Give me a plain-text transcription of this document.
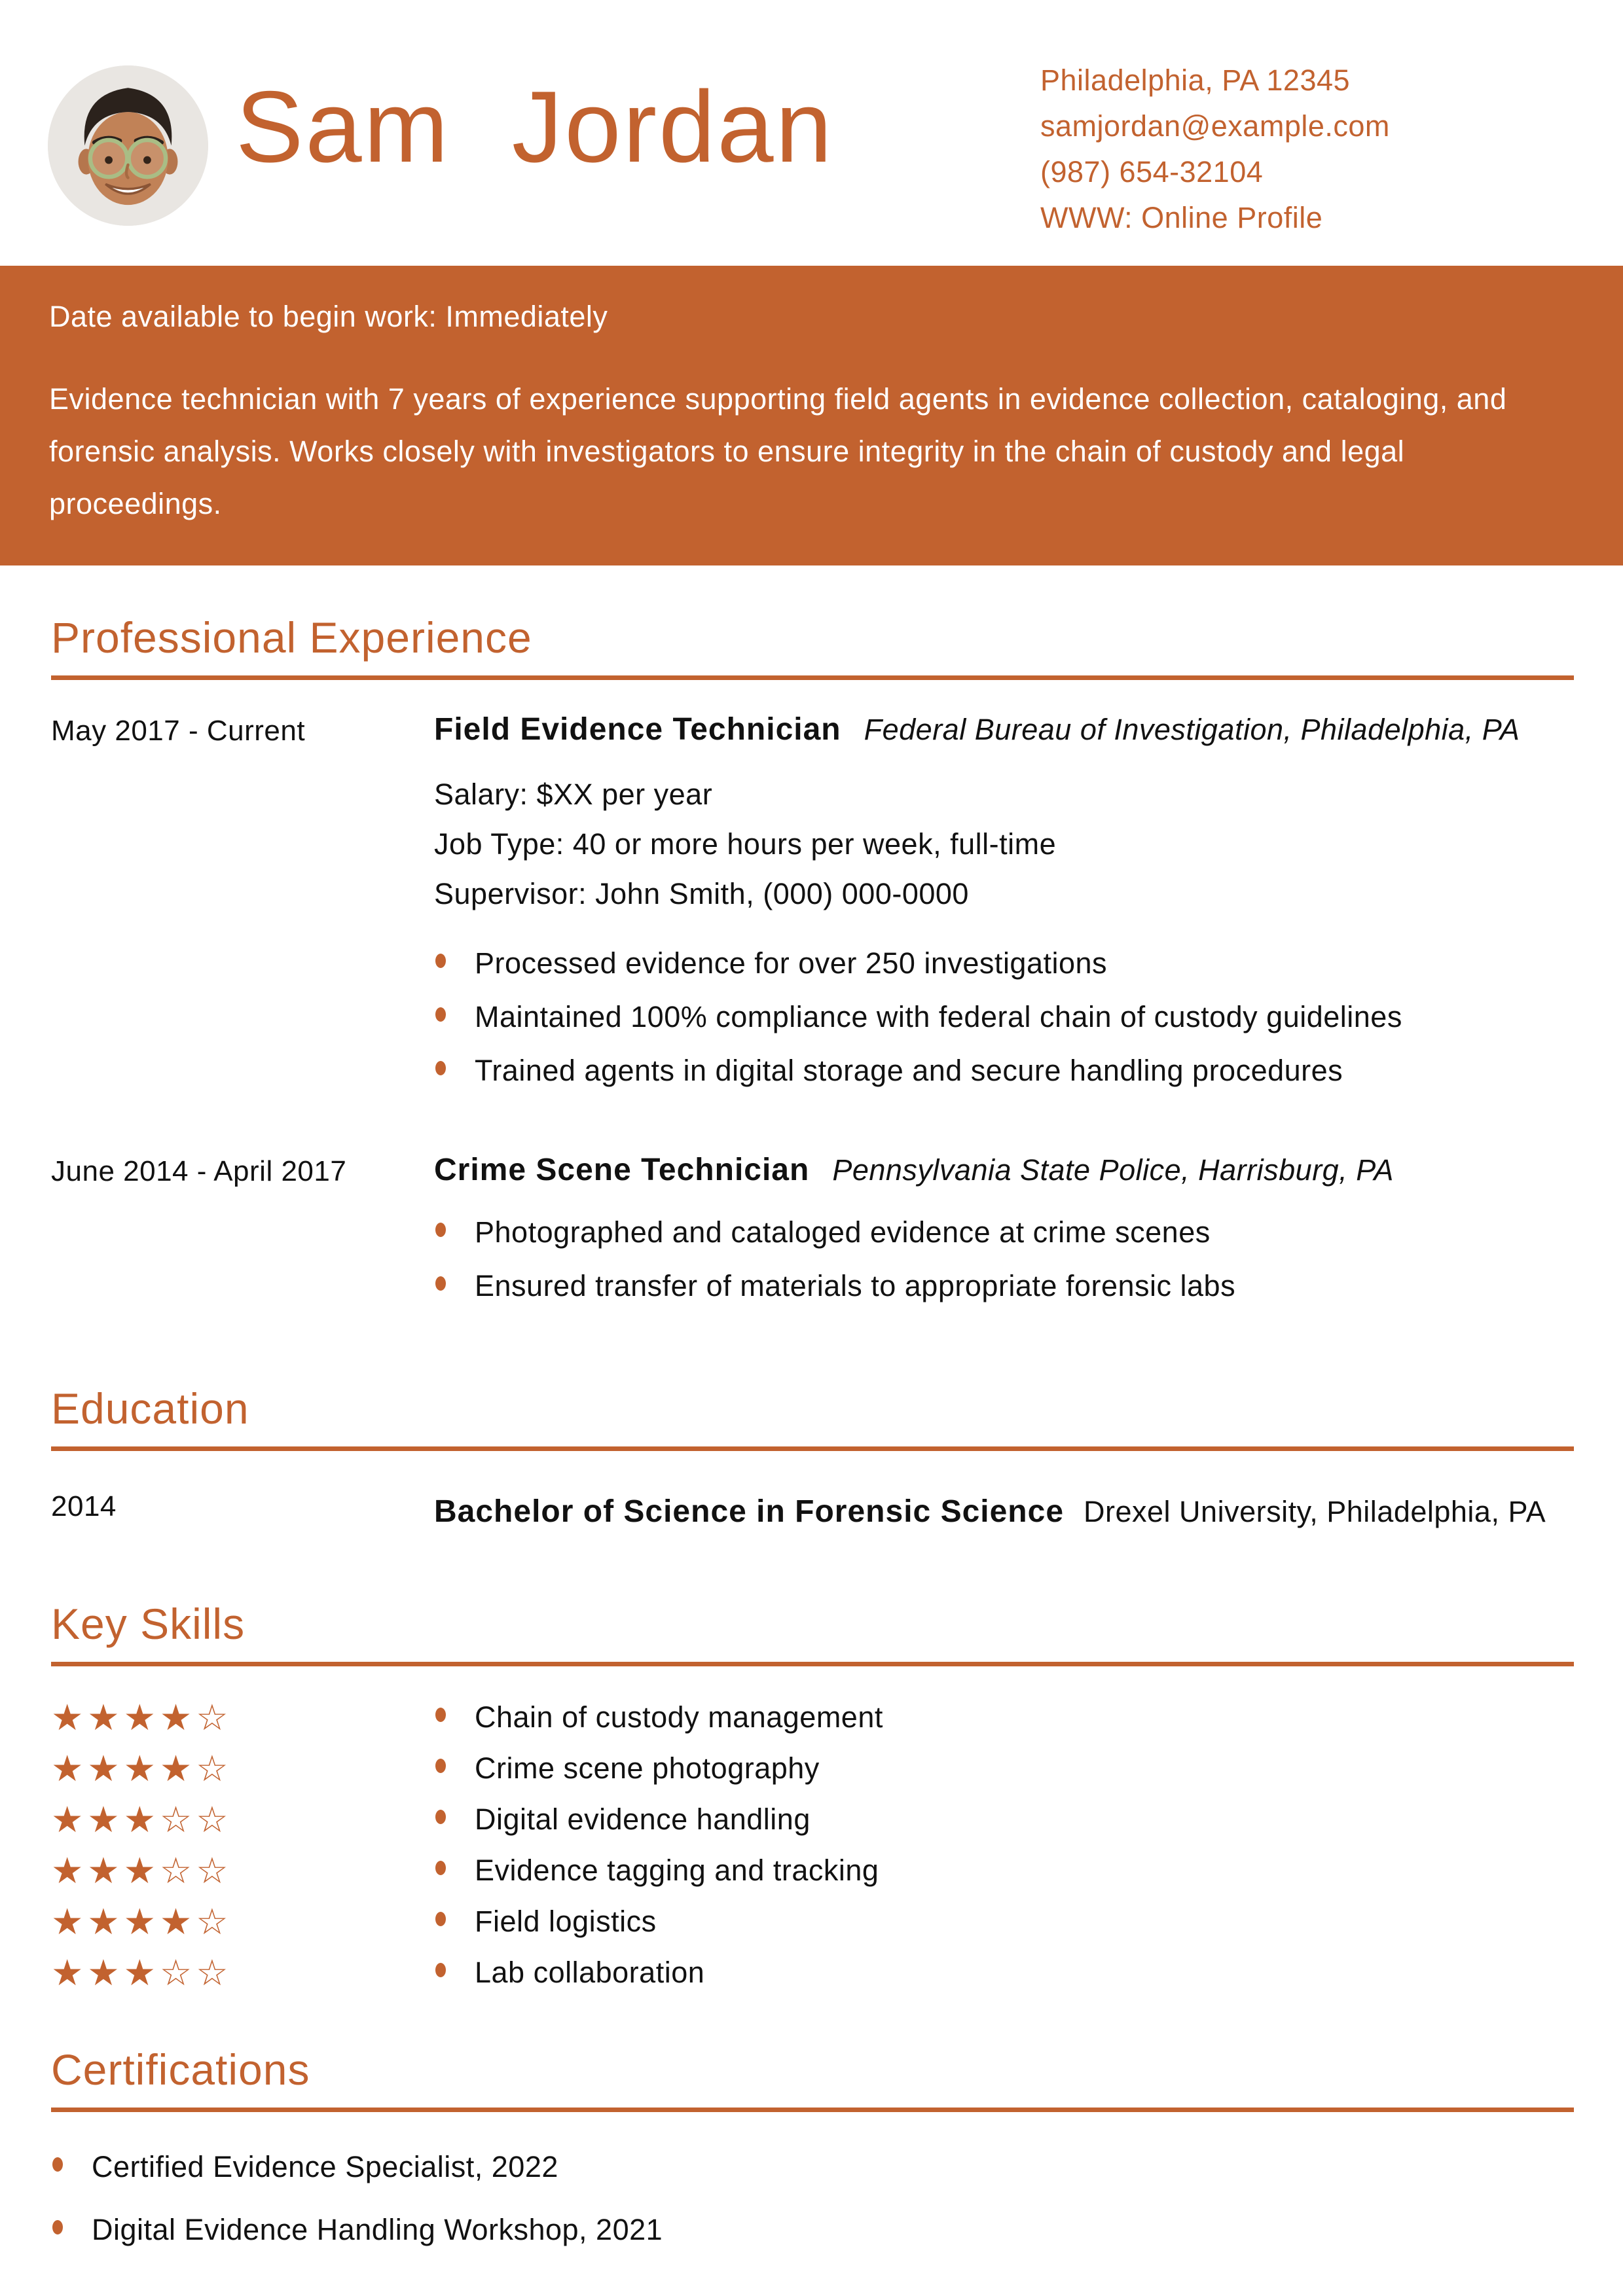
Sam Jordan	Philadelphia, PA 12345
samjordan@example.com
(987) 654-32104
WWW: Online Profile

Date available to begin work: Immediately

Evidence technician with 7 years of experience supporting field agents in evidence collection, cataloging, and forensic analysis. Works closely with investigators to ensure integrity in the chain of custody and legal proceedings.

Professional Experience
May 2017 - Current	Field Evidence Technician Federal Bureau of Investigation, Philadelphia, PA
Salary: $XX per year
Job Type: 40 or more hours per week, full-time
Supervisor: John Smith, (000) 000-0000
Processed evidence for over 250 investigations
Maintained 100% compliance with federal chain of custody guidelines
Trained agents in digital storage and secure handling procedures
June 2014 - April 2017	Crime Scene Technician Pennsylvania State Police, Harrisburg, PA
Photographed and cataloged evidence at crime scenes
Ensured transfer of materials to appropriate forensic labs
Education
2014	Bachelor of Science in Forensic Science Drexel University, Philadelphia, PA
Key Skills
★★★★☆	Chain of custody management
★★★★☆	Crime scene photography
★★★☆☆	Digital evidence handling
★★★☆☆	Evidence tagging and tracking
★★★★☆	Field logistics
★★★☆☆	Lab collaboration
Certifications
Certified Evidence Specialist, 2022
Digital Evidence Handling Workshop, 2021
